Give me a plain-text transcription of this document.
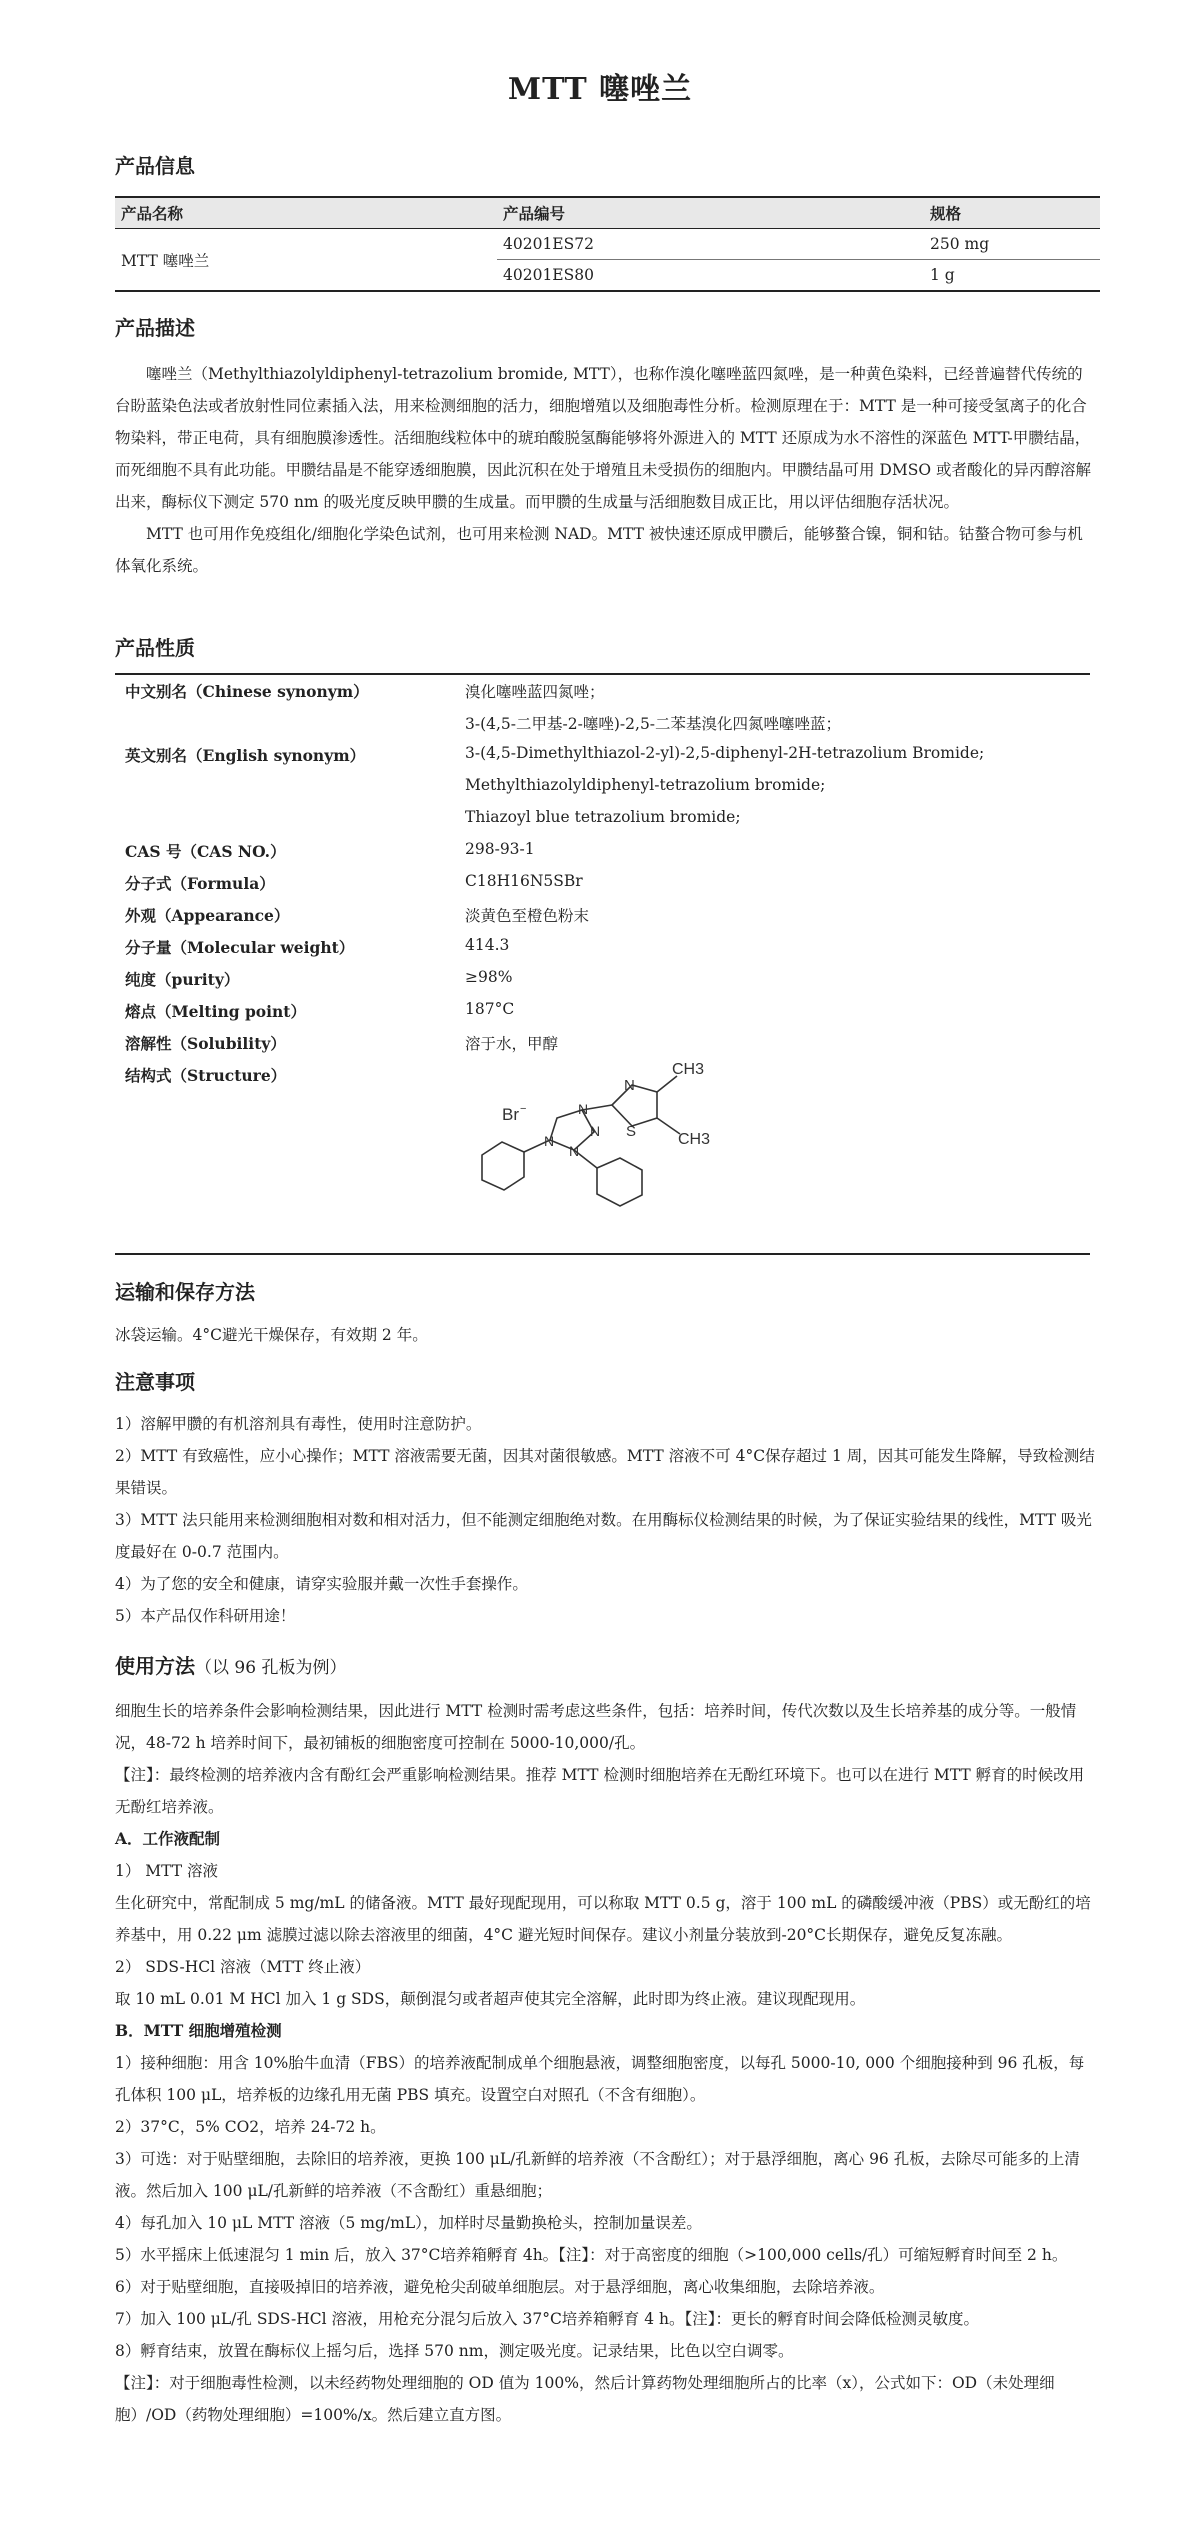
MTT 噻唑兰
产品信息
产品名称	产品编号	规格
MTT 噻唑兰	40201ES72	250 mg
	40201ES80	1 g
产品描述

噻唑兰（Methylthiazolyldiphenyl-tetrazolium bromide, MTT），也称作溴化噻唑蓝四氮唑，是一种黄色染料，已经普遍替代传统的台盼蓝染色法或者放射性同位素插入法，用来检测细胞的活力，细胞增殖以及细胞毒性分析。检测原理在于：MTT 是一种可接受氢离子的化合物染料，带正电荷，具有细胞膜渗透性。活细胞线粒体中的琥珀酸脱氢酶能够将外源进入的 MTT 还原成为水不溶性的深蓝色 MTT-甲臜结晶，而死细胞不具有此功能。甲臜结晶是不能穿透细胞膜，因此沉积在处于增殖且未受损伤的细胞内。甲臜结晶可用 DMSO 或者酸化的异丙醇溶解出来，酶标仪下测定 570 nm 的吸光度反映甲臜的生成量。而甲臜的生成量与活细胞数目成正比，用以评估细胞存活状况。

MTT 也可用作免疫组化/细胞化学染色试剂，也可用来检测 NAD。MTT 被快速还原成甲臜后，能够螯合镍，铜和钴。钴螯合物可参与机体氧化系统。

产品性质
中文别名（Chinese synonym）	溴化噻唑蓝四氮唑；
3-(4,5-二甲基-2-噻唑)-2,5-二苯基溴化四氮唑噻唑蓝；
英文别名（English synonym）	3-(4,5-Dimethylthiazol-2-yl)-2,5-diphenyl-2H-tetrazolium Bromide;
Methylthiazolyldiphenyl-tetrazolium bromide;
Thiazoyl blue tetrazolium bromide;
CAS 号（CAS NO.）	298-93-1
分子式（Formula）	C18H16N5SBr
外观（Appearance）	淡黄色至橙色粉末
分子量（Molecular weight）	414.3
纯度（purity）	≥98%
熔点（Melting point）	187°C
溶解性（Solubility）	溶于水，甲醇
结构式（Structure）
Br −
CH3
CH3
N
S
N
N
N
N
运输和保存方法
冰袋运输。4°C避光干燥保存，有效期 2 年。
注意事项
1）溶解甲臜的有机溶剂具有毒性，使用时注意防护。
2）MTT 有致癌性，应小心操作；MTT 溶液需要无菌，因其对菌很敏感。MTT 溶液不可 4°C保存超过 1 周，因其可能发生降解，导致检测结果错误。
3）MTT 法只能用来检测细胞相对数和相对活力，但不能测定细胞绝对数。在用酶标仪检测结果的时候，为了保证实验结果的线性，MTT 吸光度最好在 0-0.7 范围内。
4）为了您的安全和健康，请穿实验服并戴一次性手套操作。
5）本产品仅作科研用途！
使用方法（以 96 孔板为例）
细胞生长的培养条件会影响检测结果，因此进行 MTT 检测时需考虑这些条件，包括：培养时间，传代次数以及生长培养基的成分等。一般情况，48-72 h 培养时间下，最初铺板的细胞密度可控制在 5000-10,000/孔。
【注】：最终检测的培养液内含有酚红会严重影响检测结果。推荐 MTT 检测时细胞培养在无酚红环境下。也可以在进行 MTT 孵育的时候改用无酚红培养液。
A．工作液配制
1） MTT 溶液
生化研究中，常配制成 5 mg/mL 的储备液。MTT 最好现配现用，可以称取 MTT 0.5 g，溶于 100 mL 的磷酸缓冲液（PBS）或无酚红的培养基中，用 0.22 μm 滤膜过滤以除去溶液里的细菌，4°C 避光短时间保存。建议小剂量分装放到-20°C长期保存，避免反复冻融。
2） SDS-HCl 溶液（MTT 终止液）
取 10 mL 0.01 M HCl 加入 1 g SDS，颠倒混匀或者超声使其完全溶解，此时即为终止液。建议现配现用。
B．MTT 细胞增殖检测
1）接种细胞：用含 10%胎牛血清（FBS）的培养液配制成单个细胞悬液，调整细胞密度，以每孔 5000-10, 000 个细胞接种到 96 孔板，每孔体积 100 μL，培养板的边缘孔用无菌 PBS 填充。设置空白对照孔（不含有细胞）。
2）37°C，5% CO2，培养 24-72 h。
3）可选：对于贴壁细胞，去除旧的培养液，更换 100 μL/孔新鲜的培养液（不含酚红）；对于悬浮细胞，离心 96 孔板，去除尽可能多的上清液。然后加入 100 μL/孔新鲜的培养液（不含酚红）重悬细胞；
4）每孔加入 10 μL MTT 溶液（5 mg/mL），加样时尽量勤换枪头，控制加量误差。
5）水平摇床上低速混匀 1 min 后，放入 37°C培养箱孵育 4h。【注】：对于高密度的细胞（>100,000 cells/孔）可缩短孵育时间至 2 h。
6）对于贴壁细胞，直接吸掉旧的培养液，避免枪尖刮破单细胞层。对于悬浮细胞，离心收集细胞，去除培养液。
7）加入 100 μL/孔 SDS-HCl 溶液，用枪充分混匀后放入 37°C培养箱孵育 4 h。【注】：更长的孵育时间会降低检测灵敏度。
8）孵育结束，放置在酶标仪上摇匀后，选择 570 nm，测定吸光度。记录结果，比色以空白调零。
【注】：对于细胞毒性检测，以未经药物处理细胞的 OD 值为 100%，然后计算药物处理细胞所占的比率（x），公式如下：OD（未处理细胞）/OD（药物处理细胞）=100%/x。然后建立直方图。
